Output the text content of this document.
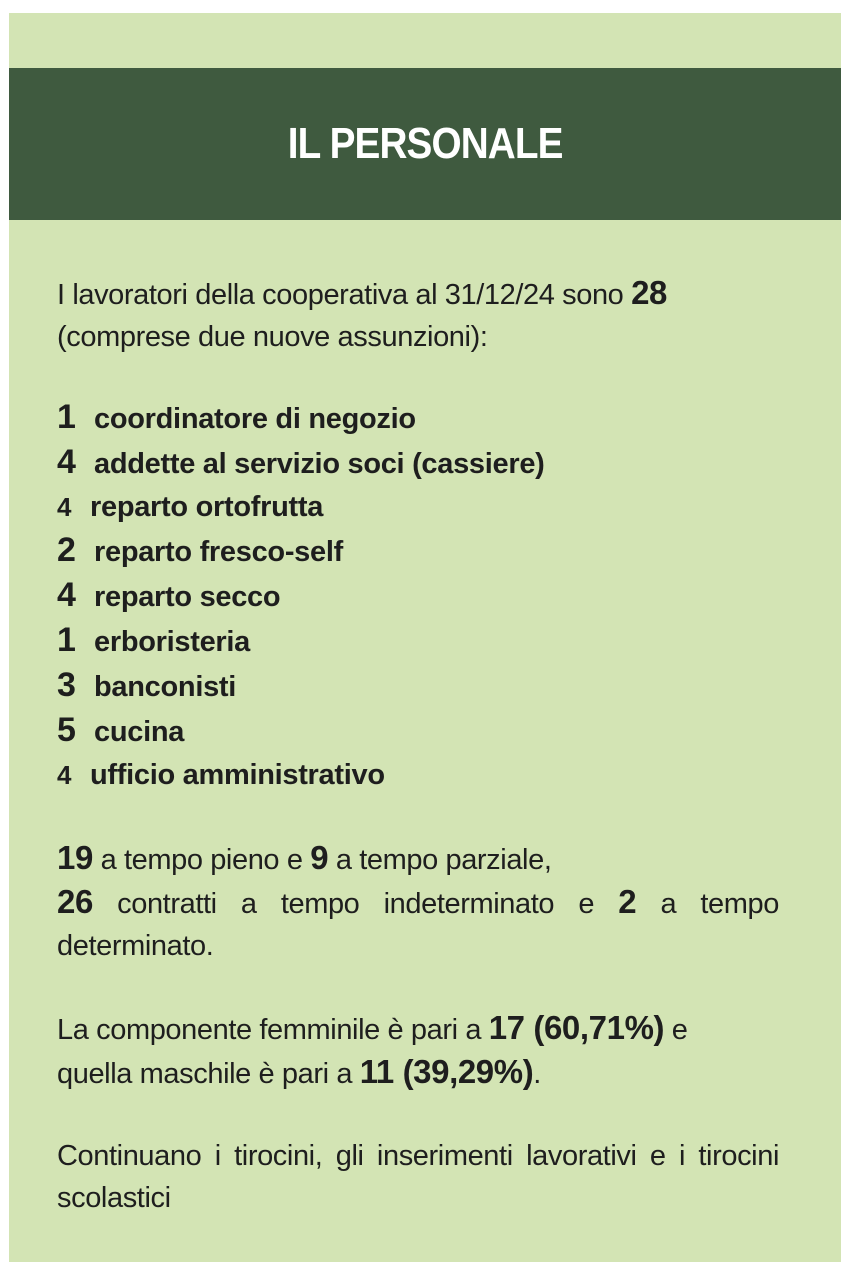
IL PERSONALE

I lavoratori della cooperativa al 31/12/24 sono 28
(comprese due nuove assunzioni):

1 coordinatore di negozio
4 addette al servizio soci (cassiere)
4 reparto ortofrutta
2 reparto fresco-self
4 reparto secco
1 erboristeria
3 banconisti
5 cucina
4 ufficio amministrativo

19 a tempo pieno e 9 a tempo parziale,
26 contratti a tempo indeterminato e 2 a tempo determinato.

La componente femminile è pari a 17 (60,71%) e
quella maschile è pari a 11 (39,29%).

Continuano i tirocini, gli inserimenti lavorativi e i tirocini scolastici
